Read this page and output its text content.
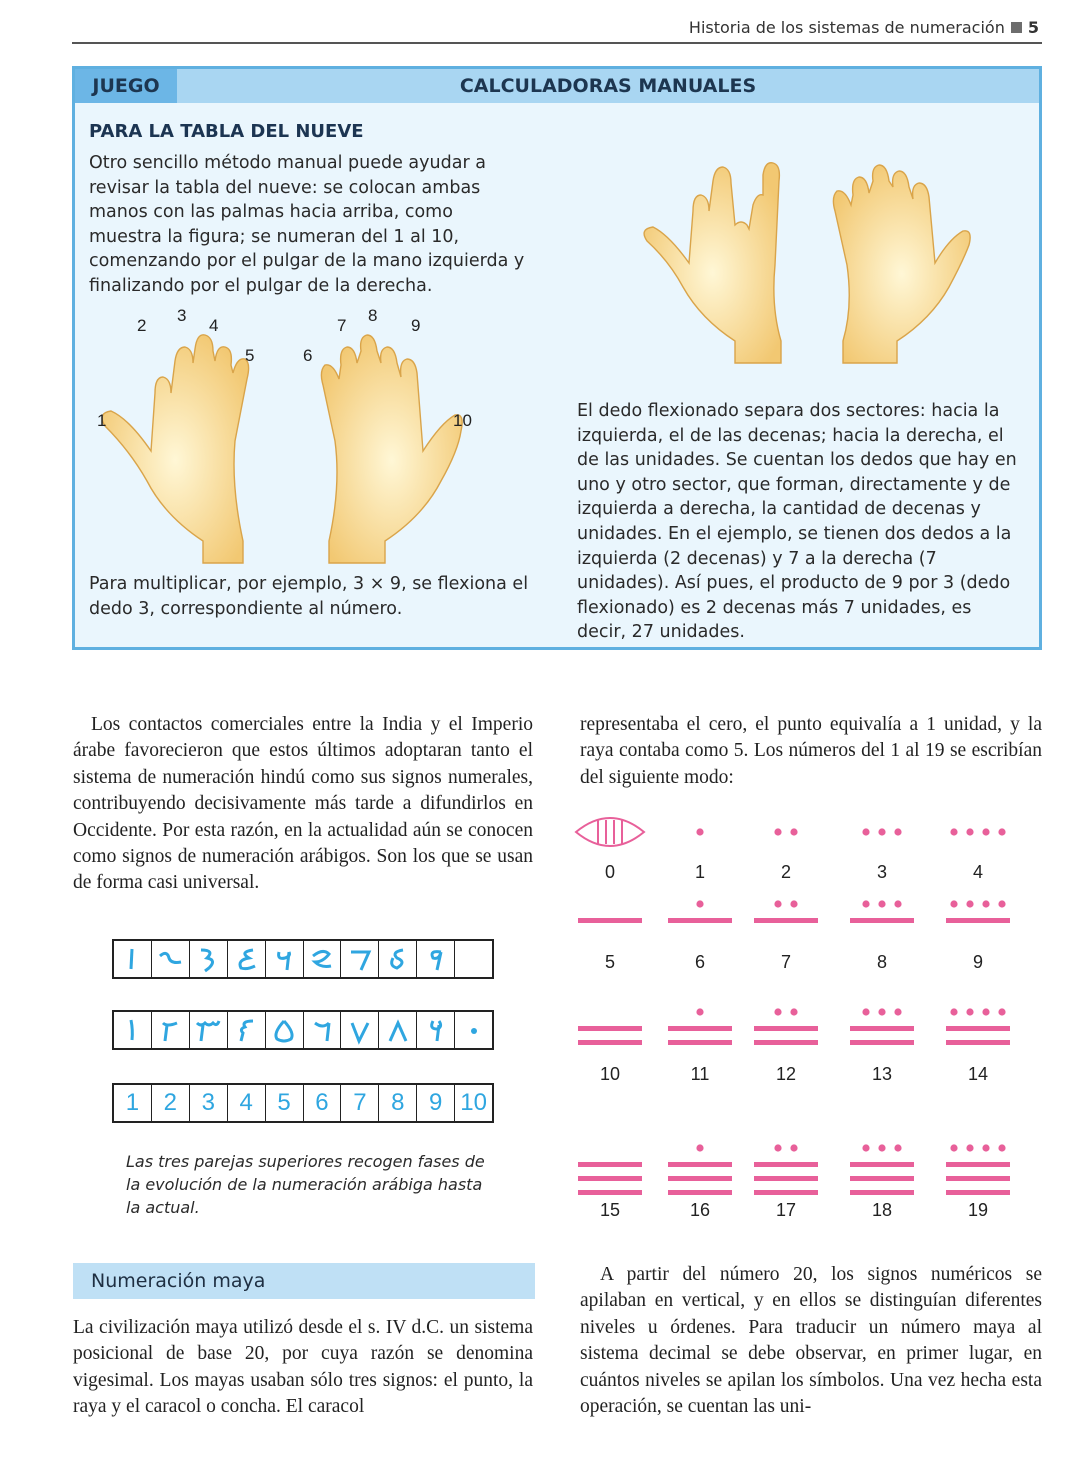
Historia de los sistemas de numeración 5
JUEGO	CALCULADORAS MANUALES
PARA LA TABLA DEL NUEVE
Otro sencillo método manual puede ayudar a revisar la tabla del nueve: se colocan ambas manos con las palmas hacia arriba, como muestra la figura; se numeran del 1 al 10, comenzando por el pulgar de la mano izquierda y finalizando por el pulgar de la derecha.
1
2
3
4
5	6
7
8
9
10
Para multiplicar, por ejemplo, 3 × 9, se flexiona el dedo 3, correspondiente al número.
El dedo flexionado separa dos sectores: hacia la izquierda, el de las decenas; hacia la derecha, el de las unidades. Se cuentan los dedos que hay en uno y otro sector, que forman, directamente y de izquierda a derecha, la cantidad de decenas y unidades. En el ejemplo, se tienen dos dedos a la izquierda (2 decenas) y 7 a la derecha (7 unidades). Así pues, el producto de 9 por 3 (dedo flexionado) es 2 decenas más 7 unidades, es decir, 27 unidades.
Los contactos comerciales entre la India y el Imperio árabe favorecieron que estos últimos adoptaran tanto el sistema de numeración hindú como sus signos numerales, contribuyendo decisivamente más tarde a difundirlos en Occidente. Por esta razón, en la actualidad aún se conocen como signos de numeración arábigos. Son los que se usan de forma casi universal.
representaba el cero, el punto equivalía a 1 unidad, y la raya contaba como 5. Los números del 1 al 19 se escribían del siguiente modo:
1	2	3	4	5	6	7	8	9 10
Las tres parejas superiores recogen fases de la evolución de la numeración arábiga hasta la actual.
Numeración maya
La civilización maya utilizó desde el s. IV d.C. un sistema posicional de base 20, por cuya razón se denomina vigesimal. Los mayas usaban sólo tres signos: el punto, la raya y el caracol o concha. El caracol
A partir del número 20, los signos numéricos se apilaban en vertical, y en ellos se distinguían diferentes niveles u órdenes. Para traducir un número maya al sistema decimal se debe observar, en primer lugar, en cuántos niveles se apilan los símbolos. Una vez hecha esta operación, se cuentan las uni-
0	1	2	3	4
5	6	7	8	9
10	11	12	13	14
15	16	17	18	19
